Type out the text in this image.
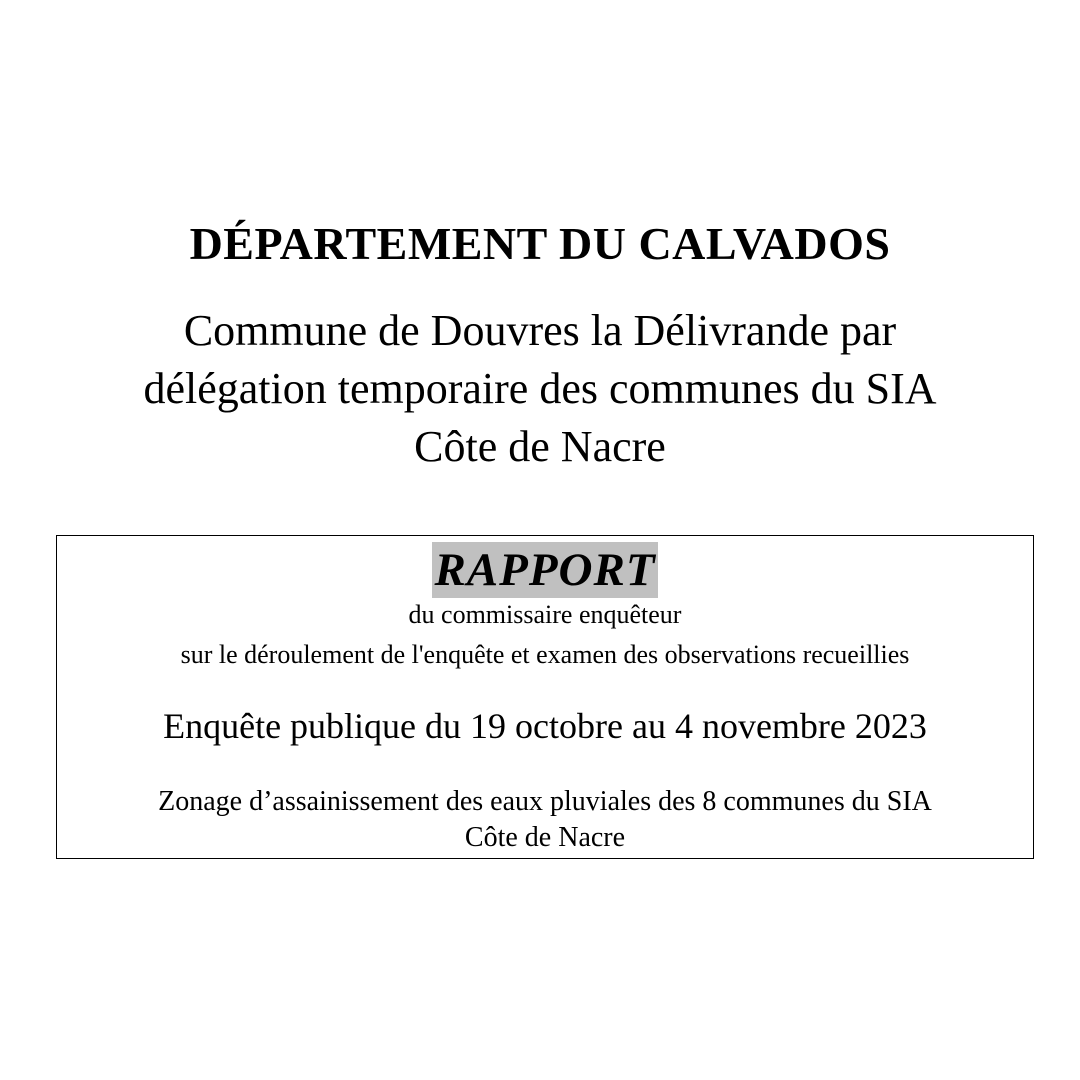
DÉPARTEMENT DU CALVADOS
Commune de Douvres la Délivrande par
délégation temporaire des communes du SIA
Côte de Nacre
RAPPORT
du commissaire enquêteur
sur le déroulement de l'enquête et examen des observations recueillies
Enquête publique du 19 octobre au 4 novembre 2023
Zonage d’assainissement des eaux pluviales des 8 communes du SIA
Côte de Nacre
